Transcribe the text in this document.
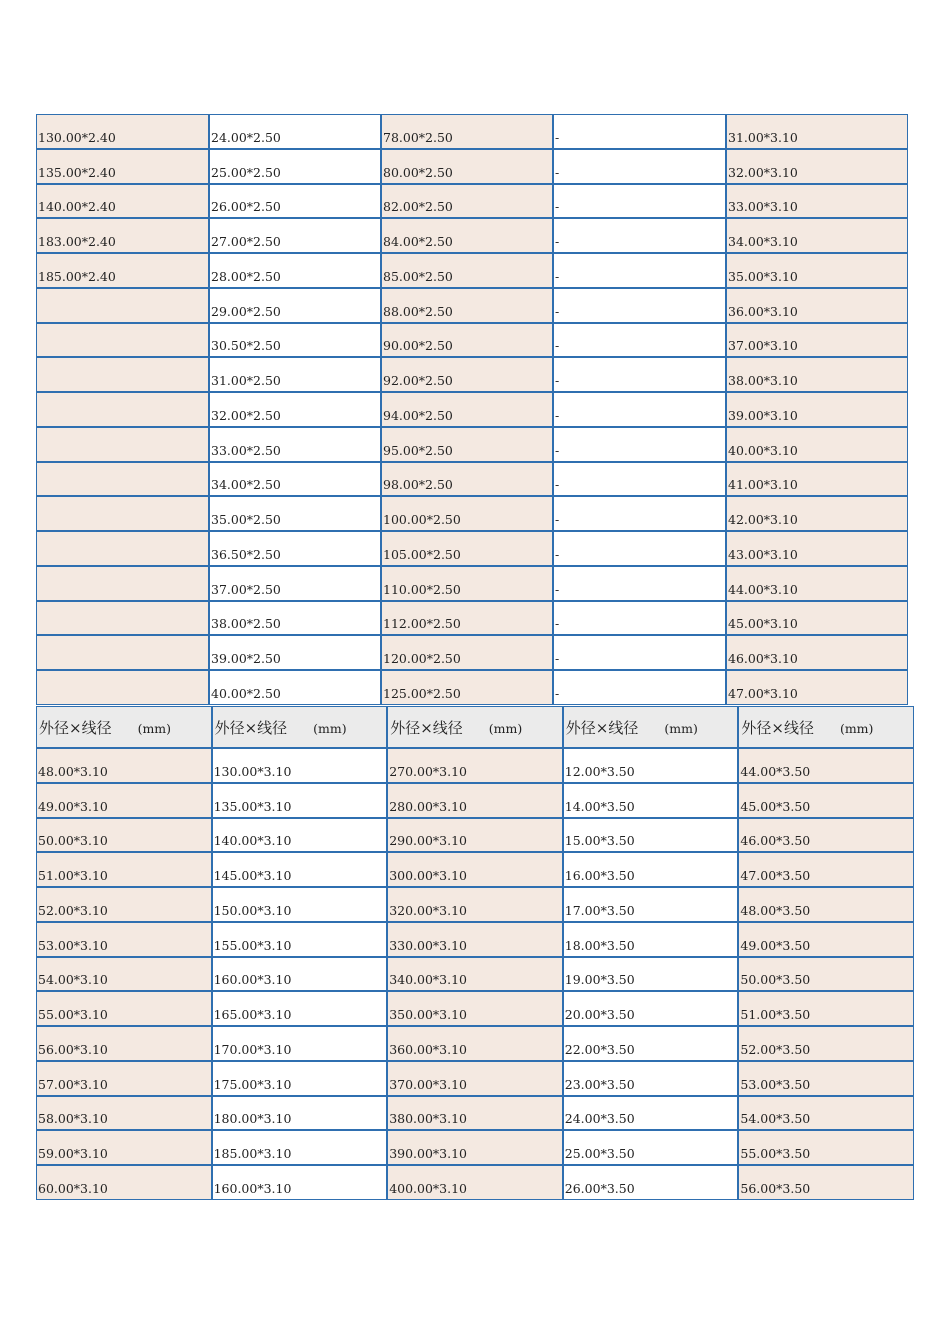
130.00*2.40	24.00*2.50	78.00*2.50	-	31.00*3.10
135.00*2.40	25.00*2.50	80.00*2.50	-	32.00*3.10
140.00*2.40	26.00*2.50	82.00*2.50	-	33.00*3.10
183.00*2.40	27.00*2.50	84.00*2.50	-	34.00*3.10
185.00*2.40	28.00*2.50	85.00*2.50	-	35.00*3.10
	29.00*2.50	88.00*2.50	-	36.00*3.10
	30.50*2.50	90.00*2.50	-	37.00*3.10
	31.00*2.50	92.00*2.50	-	38.00*3.10
	32.00*2.50	94.00*2.50	-	39.00*3.10
	33.00*2.50	95.00*2.50	-	40.00*3.10
	34.00*2.50	98.00*2.50	-	41.00*3.10
	35.00*2.50	100.00*2.50	-	42.00*3.10
	36.50*2.50	105.00*2.50	-	43.00*3.10
	37.00*2.50	110.00*2.50	-	44.00*3.10
	38.00*2.50	112.00*2.50	-	45.00*3.10
	39.00*2.50	120.00*2.50	-	46.00*3.10
	40.00*2.50	125.00*2.50	-	47.00*3.10
外径×线径 (mm)	外径×线径 (mm)	外径×线径 (mm)	外径×线径 (mm)	外径×线径 (mm)
48.00*3.10	130.00*3.10	270.00*3.10	12.00*3.50	44.00*3.50
49.00*3.10	135.00*3.10	280.00*3.10	14.00*3.50	45.00*3.50
50.00*3.10	140.00*3.10	290.00*3.10	15.00*3.50	46.00*3.50
51.00*3.10	145.00*3.10	300.00*3.10	16.00*3.50	47.00*3.50
52.00*3.10	150.00*3.10	320.00*3.10	17.00*3.50	48.00*3.50
53.00*3.10	155.00*3.10	330.00*3.10	18.00*3.50	49.00*3.50
54.00*3.10	160.00*3.10	340.00*3.10	19.00*3.50	50.00*3.50
55.00*3.10	165.00*3.10	350.00*3.10	20.00*3.50	51.00*3.50
56.00*3.10	170.00*3.10	360.00*3.10	22.00*3.50	52.00*3.50
57.00*3.10	175.00*3.10	370.00*3.10	23.00*3.50	53.00*3.50
58.00*3.10	180.00*3.10	380.00*3.10	24.00*3.50	54.00*3.50
59.00*3.10	185.00*3.10	390.00*3.10	25.00*3.50	55.00*3.50
60.00*3.10	160.00*3.10	400.00*3.10	26.00*3.50	56.00*3.50
